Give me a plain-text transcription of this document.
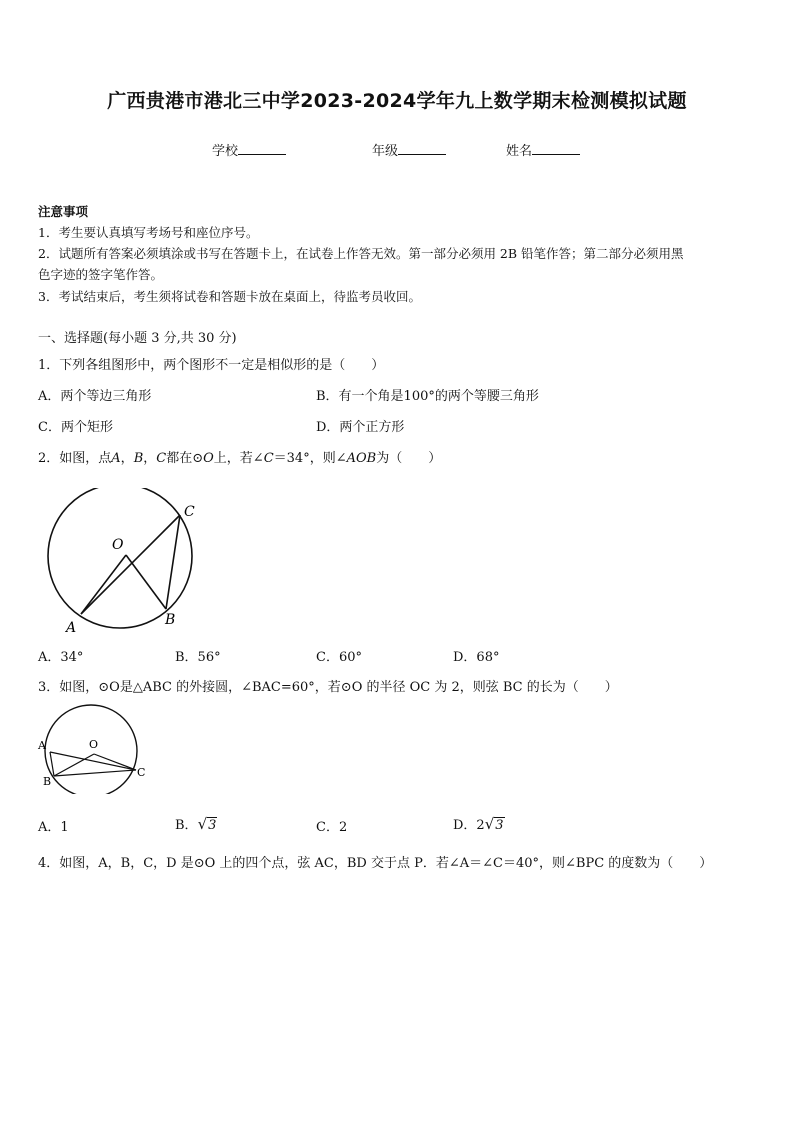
广西贵港市港北三中学2023-2024学年九上数学期末检测模拟试题
学校	年级	姓名
注意事项
1．考生要认真填写考场号和座位序号。
2．试题所有答案必须填涂或书写在答题卡上，在试卷上作答无效。第一部分必须用 2B 铅笔作答；第二部分必须用黑
色字迹的签字笔作答。
3．考试结束后，考生须将试卷和答题卡放在桌面上，待监考员收回。
一、选择题(每小题 3 分,共 30 分)
1．下列各组图形中，两个图形不一定是相似形的是（　　）
A．两个等边三角形	B．有一个角是100°的两个等腰三角形
C．两个矩形	D．两个正方形
2．如图，点A，B，C都在⊙O上，若∠C＝34°，则∠AOB为（　　）
O
A	B
C
A．34°	B．56°	C．60°	D．68°
3．如图，⊙O是△ABC 的外接圆，∠BAC=60°，若⊙O 的半径 OC 为 2，则弦 BC 的长为（　　）
O
A
B
C
A．1	B．√3	C．2	D．2√3
4．如图，A，B，C，D 是⊙O 上的四个点，弦 AC，BD 交于点 P．若∠A＝∠C＝40°，则∠BPC 的度数为（　　）
